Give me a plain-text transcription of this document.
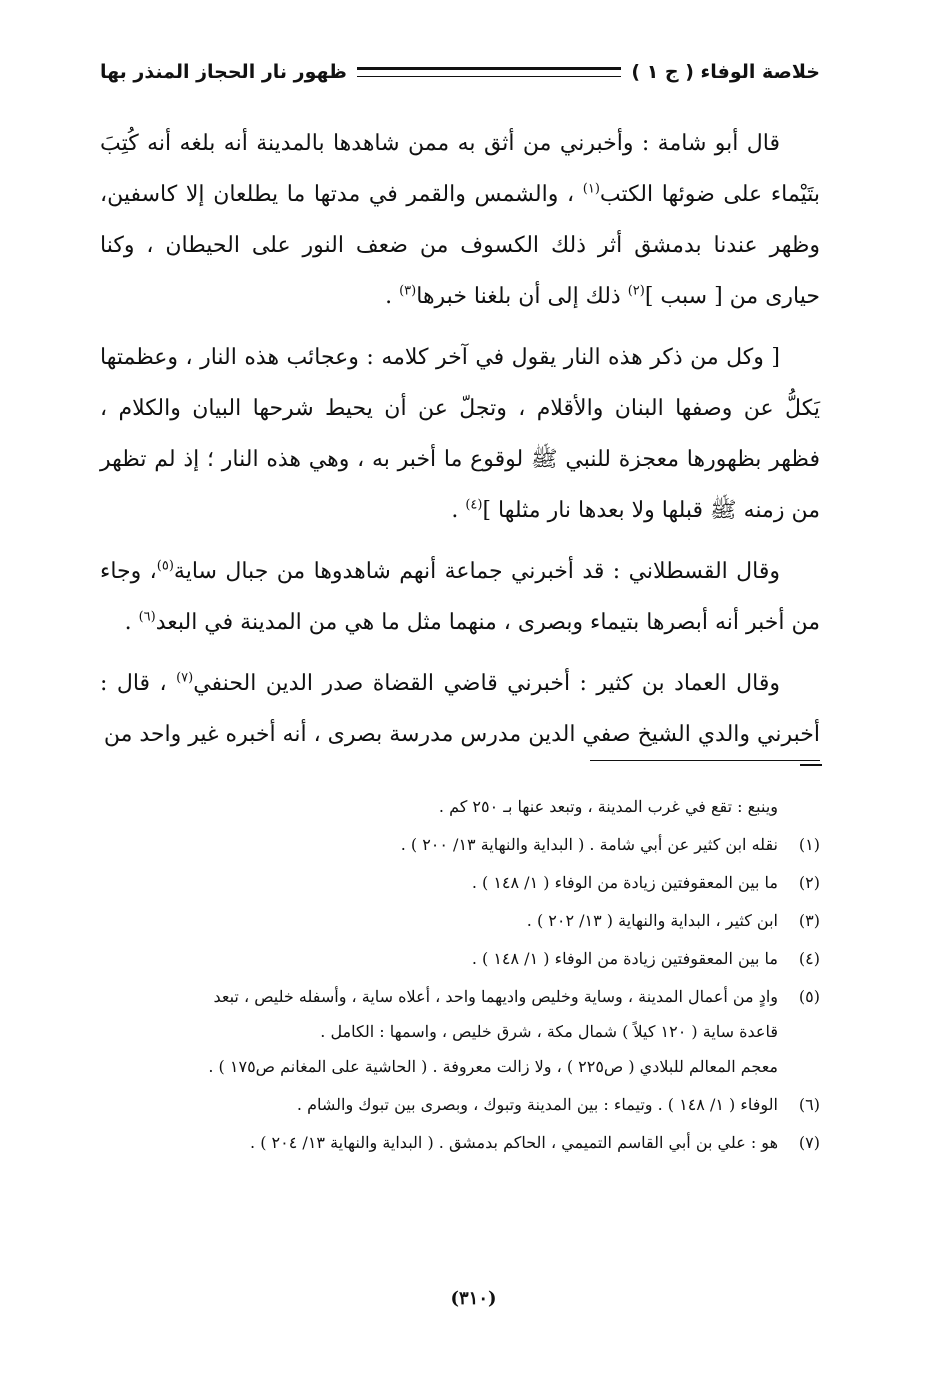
خلاصة الوفاء ( ج ١ )
ظهور نار الحجاز المنذر بها

قال أبو شامة : وأخبرني من أثق به ممن شاهدها بالمدينة أنه بلغه أنه كُتِبَ بتَيْماء على ضوئها الكتب$^{(١)}$ ، والشمس والقمر في مدتها ما يطلعان إلا كاسفين، وظهر عندنا بدمشق أثر ذلك الكسوف من ضعف النور على الحيطان ، وكنا حيارى من [ سبب ]$^{(٢)}$ ذلك إلى أن بلغنا خبرها$^{(٣)}$ .

[ وكل من ذكر هذه النار يقول في آخر كلامه : وعجائب هذه النار ، وعظمتها يَكلُّ عن وصفها البنان والأقلام ، وتجلّ عن أن يحيط شرحها البيان والكلام ، فظهر بظهورها معجزة للنبي ﷺ لوقوع ما أخبر به ، وهي هذه النار ؛ إذ لم تظهر من زمنه ﷺ قبلها ولا بعدها نار مثلها ]$^{(٤)}$ .

وقال القسطلاني : قد أخبرني جماعة أنهم شاهدوها من جبال ساية$^{(٥)}$، وجاء من أخبر أنه أبصرها بتيماء وبصرى ، منهما مثل ما هي من المدينة في البعد$^{(٦)}$ .

وقال العماد بن كثير : أخبرني قاضي القضاة صدر الدين الحنفي$^{(٧)}$ ، قال : أخبرني والدي الشيخ صفي الدين مدرس مدرسة بصرى ، أنه أخبره غير واحد من

وينبع : تقع في غرب المدينة ، وتبعد عنها بـ ٢٥٠ كم .
(١)
نقله ابن كثير عن أبي شامة . ( البداية والنهاية ١٣/ ٢٠٠ ) .
(٢)
ما بين المعقوفتين زيادة من الوفاء ( ١/ ١٤٨ ) .
(٣)
ابن كثير ، البداية والنهاية ( ١٣/ ٢٠٢ ) .
(٤)
ما بين المعقوفتين زيادة من الوفاء ( ١/ ١٤٨ ) .
(٥)
وادٍ من أعمال المدينة ، وساية وخليص واديهما واحد ، أعلاه ساية ، وأسفله خليص ، تبعد
قاعدة ساية ( ١٢٠ كيلاً ) شمال مكة ، شرق خليص ، واسمها : الكامل .
معجم المعالم للبلادي ( ص٢٢٥ ) ، ولا زالت معروفة . ( الحاشية على المغانم ص١٧٥ ) .
(٦)
الوفاء ( ١/ ١٤٨ ) . وتيماء : بين المدينة وتبوك ، وبصرى بين تبوك والشام .
(٧)
هو : علي بن أبي القاسم التميمي ، الحاكم بدمشق . ( البداية والنهاية ١٣/ ٢٠٤ ) .
(٣١٠)
